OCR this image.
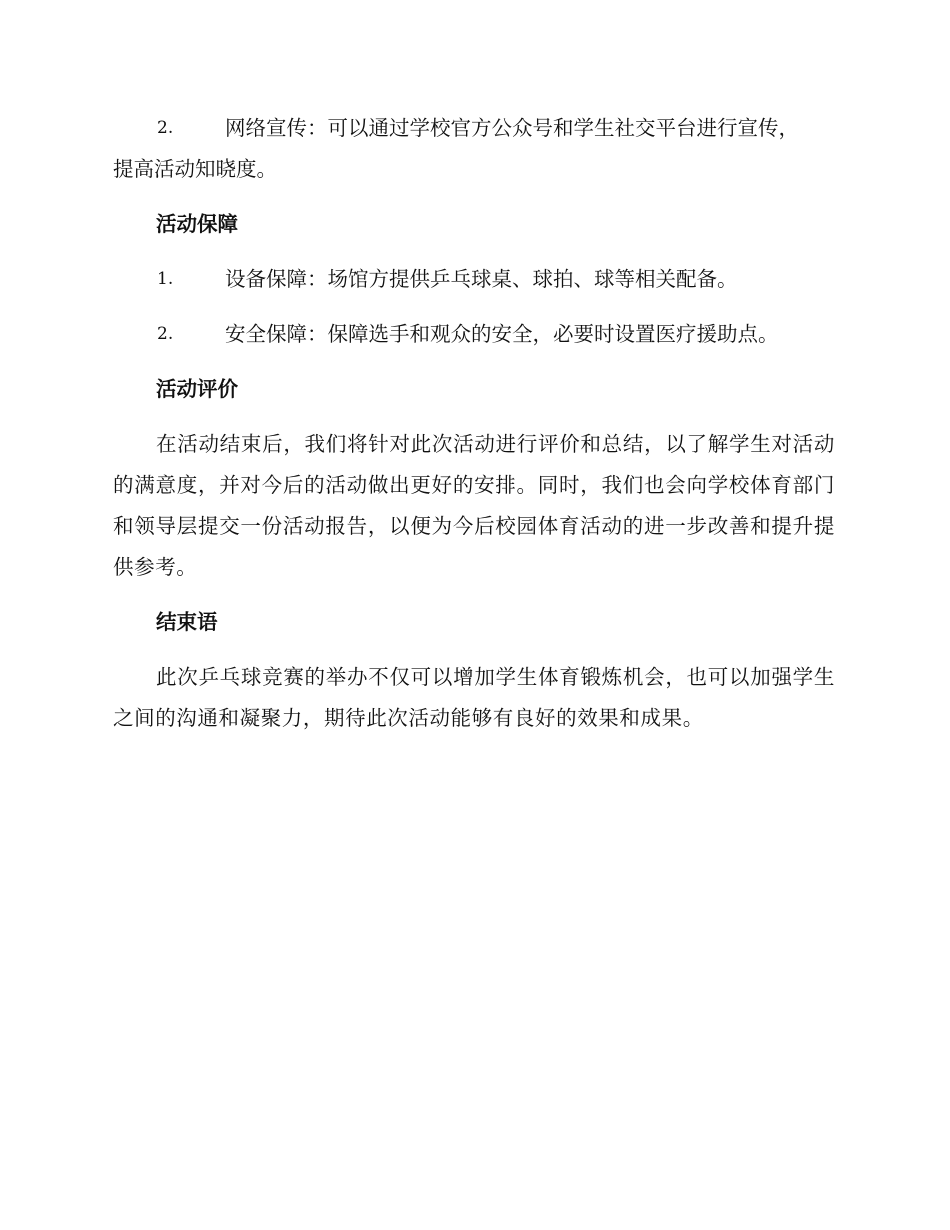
2.	网络宣传：可以通过学校官方公众号和学生社交平台进行宣传，

提高活动知晓度。

活动保障
1.	设备保障：场馆方提供乒乓球桌、球拍、球等相关配备。
2.	安全保障：保障选手和观众的安全，必要时设置医疗援助点。
活动评价

在活动结束后，我们将针对此次活动进行评价和总结，以了解学生对活动的满意度，并对今后的活动做出更好的安排。同时，我们也会向学校体育部门和领导层提交一份活动报告，以便为今后校园体育活动的进一步改善和提升提供参考。

结束语

此次乒乓球竞赛的举办不仅可以增加学生体育锻炼机会，也可以加强学生之间的沟通和凝聚力，期待此次活动能够有良好的效果和成果。
